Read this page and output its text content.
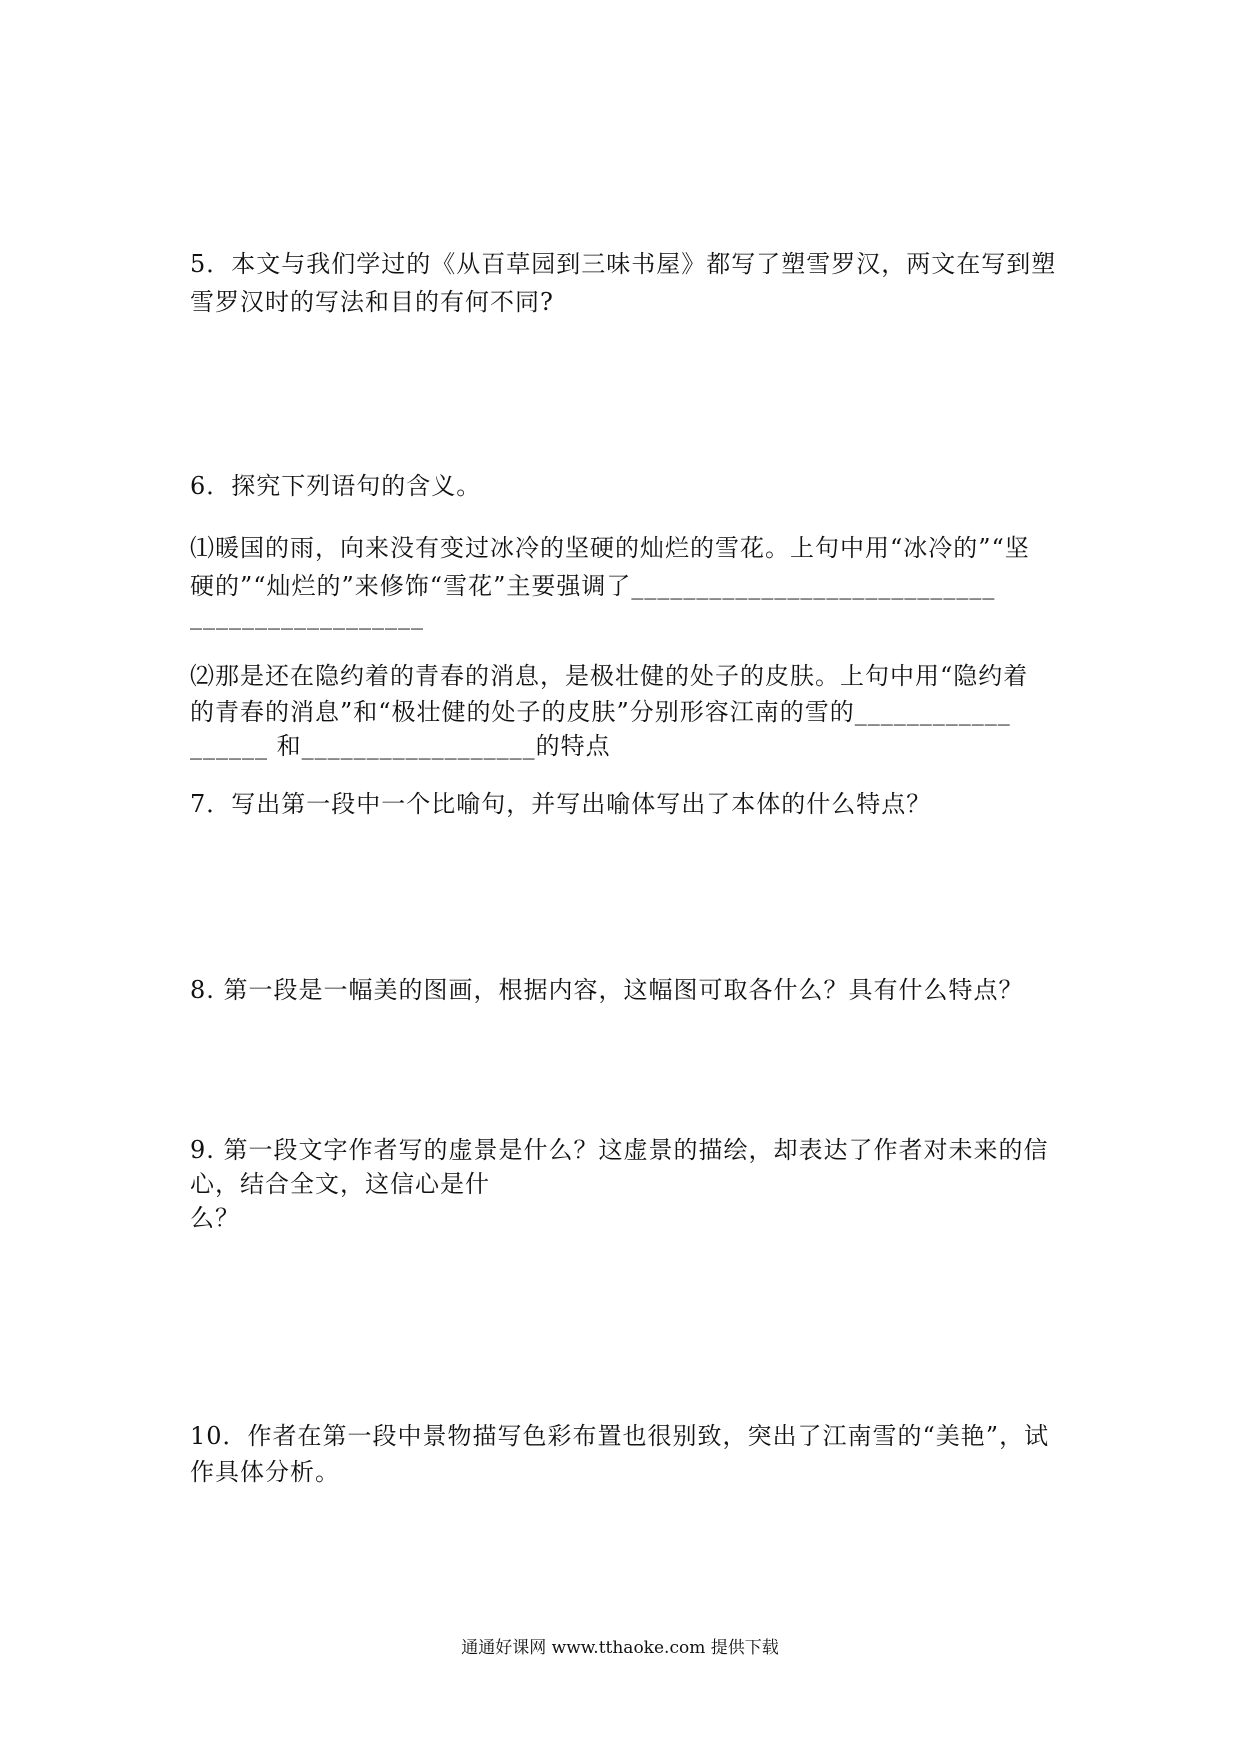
5．本文与我们学过的《从百草园到三味书屋》都写了塑雪罗汉，两文在写到塑
雪罗汉时的写法和目的有何不同?
6．探究下列语句的含义。
⑴暖国的雨，向来没有变过冰冷的坚硬的灿烂的雪花。上句中用“冰冷的”“坚
硬的”“灿烂的”来修饰“雪花”主要强调了____________________________
__________________
⑵那是还在隐约着的青春的消息，是极壮健的处子的皮肤。上句中用“隐约着
的青春的消息”和“极壮健的处子的皮肤”分别形容江南的雪的____________
______ 和__________________的特点
7．写出第一段中一个比喻句，并写出喻体写出了本体的什么特点？
8. 第一段是一幅美的图画，根据内容，这幅图可取各什么？具有什么特点？
9. 第一段文字作者写的虚景是什么？这虚景的描绘，却表达了作者对未来的信
心，结合全文，这信心是什
么？
10．作者在第一段中景物描写色彩布置也很别致，突出了江南雪的“美艳”，试
作具体分析。
通通好课网 www.tthaoke.com 提供下载
